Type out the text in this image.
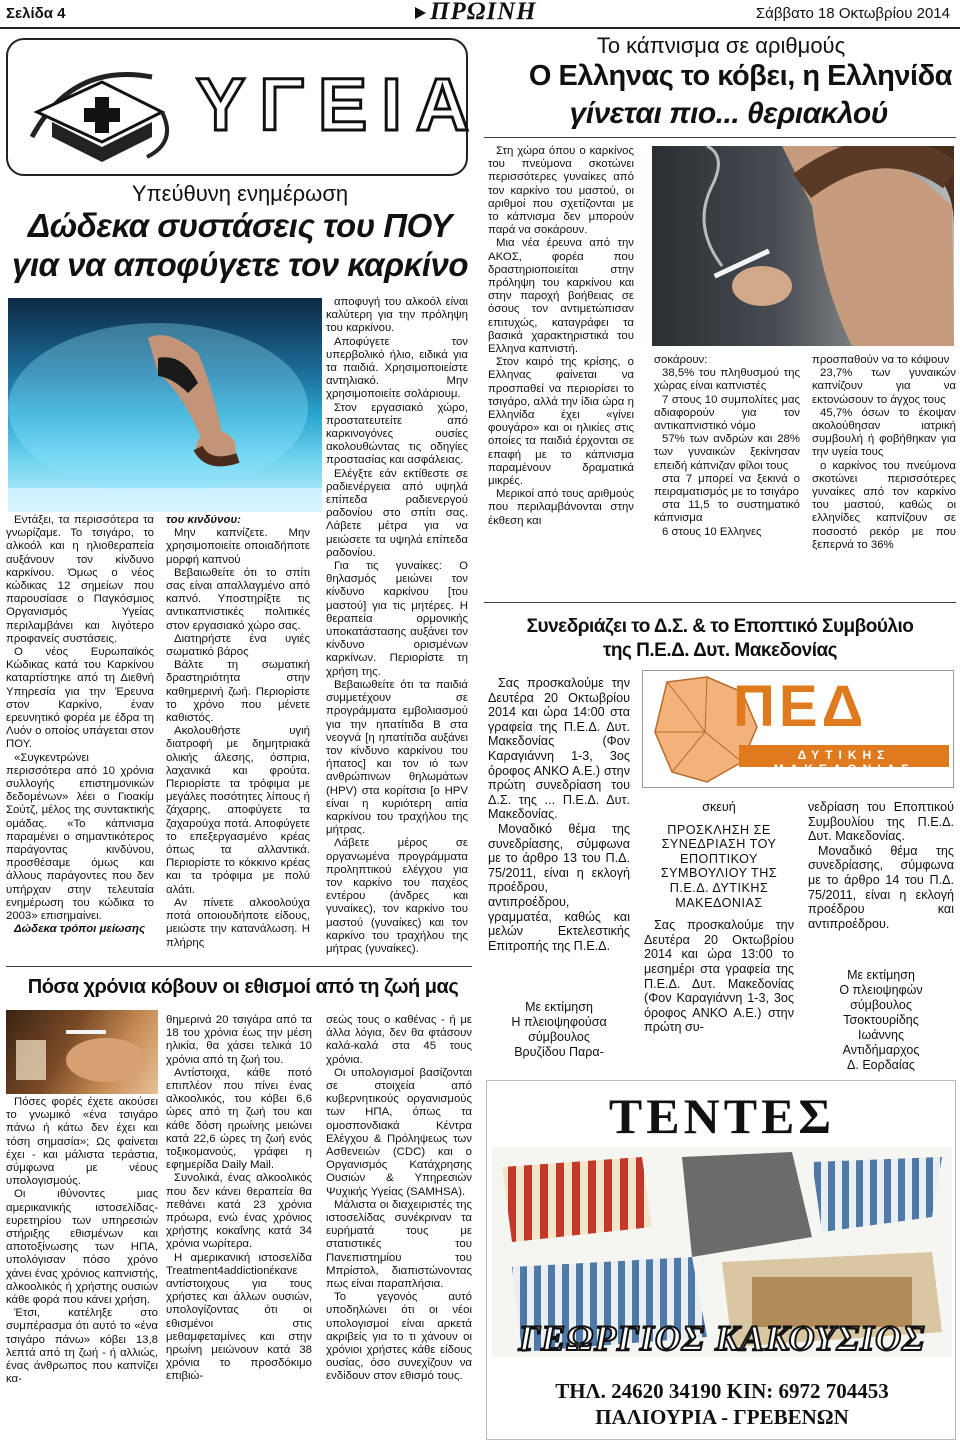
Σελίδα 4	ΠΡΩΙΝΗ	Σάββατο 18 Οκτωβρίου 2014
ΥΓΕΙΑ
Υπεύθυνη ενημέρωση
Δώδεκα συστάσεις του ΠΟΥ
για να αποφύγετε τον καρκίνο

Εντάξει, τα περισσότερα τα γνωρίζαμε. Το τσιγάρο, το αλκοόλ και η ηλιοθεραπεία αυξάνουν τον κίνδυνο καρκίνου. Όμως ο νέος κώδικας 12 σημείων που παρουσίασε ο Παγκόσμιος Οργανισμός Υγείας περιλαμβάνει και λιγότερο προφανείς συστάσεις.

Ο νέος Ευρωπαϊκός Κώδικας κατά του Καρκίνου καταρτίστηκε από τη Διεθνή Υπηρεσία για την Έρευνα στον Καρκίνο, έναν ερευνητικό φορέα με έδρα τη Λυόν ο οποίος υπάγεται στον ΠΟΥ.

«Συγκεντρώνει περισσότερα από 10 χρόνια συλλογής επιστημονικών δεδομένων» λέει ο Γιοακίμ Σούτζ, μέλος της συντακτικής ομάδας. «Το κάπνισμα παραμένει ο σημαντικότερος παράγοντας κινδύνου, προσθέσαμε όμως και άλλους παράγοντες που δεν υπήρχαν στην τελευταία ενημέρωση του κώδικα το 2003» επισημαίνει.

Δώδεκα τρόποι μείωσης

του κινδύνου:

Μην καπνίζετε. Μην χρησιμοποιείτε οποιαδήποτε μορφή καπνού

Βεβαιωθείτε ότι το σπίτι σας είναι απαλλαγμένο από καπνό. Υποστηρίξτε τις αντικαπνιστικές πολιτικές στον εργασιακό χώρο σας.

Διατηρήστε ένα υγιές σωματικό βάρος

Βάλτε τη σωματική δραστηριότητα στην καθημερινή ζωή. Περιορίστε το χρόνο που μένετε καθιστός.

Ακολουθήστε υγιή διατροφή με δημητριακά ολικής άλεσης, όσπρια, λαχανικά και φρούτα. Περιορίστε τα τρόφιμα με μεγάλες ποσότητες λίπους ή ζάχαρης, αποφύγετε τα ζαχαρούχα ποτά. Αποφύγετε το επεξεργασμένο κρέας όπως τα αλλαντικά. Περιορίστε το κόκκινο κρέας και τα τρόφιμα με πολύ αλάτι.

Αν πίνετε αλκοολούχα ποτά οποιουδήποτε είδους, μειώστε την κατανάλωση. Η πλήρης

αποφυγή του αλκοόλ είναι καλύτερη για την πρόληψη του καρκίνου.

Αποφύγετε τον υπερβολικό ήλιο, ειδικά για τα παιδιά. Χρησιμοποιείστε αντηλιακό. Μην χρησιμοποιείτε σολάριουμ.

Στον εργασιακό χώρο, προστατευτείτε από καρκινογόνες ουσίες ακολουθώντας τις οδηγίες προστασίας και ασφάλειας.

Ελέγξτε εάν εκτίθεστε σε ραδιενέργεια από υψηλά επίπεδα ραδιενεργού ραδονίου στο σπίτι σας. Λάβετε μέτρα για να μειώσετε τα υψηλά επίπεδα ραδονίου.

Για τις γυναίκες: Ο θηλασμός μειώνει τον κίνδυνο καρκίνου [του μαστού] για τις μητέρες. Η θεραπεία ορμονικής υποκατάστασης αυξάνει τον κίνδυνο ορισμένων καρκίνων. Περιορίστε τη χρήση της.

Βεβαιωθείτε ότι τα παιδιά συμμετέχουν σε προγράμματα εμβολιασμού για την ηπατίτιδα Β στα νεογνά [η ηπατίτιδα αυξάνει τον κίνδυνο καρκίνου του ήπατος] και τον ιό των ανθρώπινων θηλωμάτων (HPV) στα κορίτσια [ο HPV είναι η κυριότερη αιτία καρκίνου του τραχήλου της μήτρας.

Λάβετε μέρος σε οργανωμένα προγράμματα προληπτικού ελέγχου για τον καρκίνο του παχέος εντέρου (άνδρες και γυναίκες), τον καρκίνο του μαστού (γυναίκες) και τον καρκίνο του τραχήλου της μήτρας (γυναίκες).

Το κάπνισμα σε αριθμούς
Ο Ελληνας το κόβει, η Ελληνίδα
γίνεται πιο... θεριακλού

Στη χώρα όπου ο καρκίνος του πνεύμονα σκοτώνει περισσότερες γυναίκες από τον καρκίνο του μαστού, οι αριθμοί που σχετίζονται με το κάπνισμα δεν μπορούν παρά να σοκάρουν.

Μια νέα έρευνα από την ΑΚΟΣ, φορέα που δραστηριοποιείται στην πρόληψη του καρκίνου και στην παροχή βοήθειας σε όσους τον αντιμετώπισαν επιτυχώς, καταγράφει τα βασικά χαρακτηριστικά του Ελληνα καπνιστή.

Στον καιρό της κρίσης, ο Ελληνας φαίνεται να προσπαθεί να περιορίσει το τσιγάρο, αλλά την ίδια ώρα η Ελληνίδα έχει «γίνει φουγάρο» και οι ηλικίες στις οποίες τα παιδιά έρχονται σε επαφή με το κάπνισμα παραμένουν δραματικά μικρές.

Μερικοί από τους αριθμούς που περιλαμβάνονται στην έκθεση και

σοκάρουν:

38,5% του πληθυσμού της χώρας είναι καπνιστές

7 στους 10 συμπολίτες μας αδιαφορούν για τον αντικαπνιστικό νόμο

57% των ανδρών και 28% των γυναικών ξεκίνησαν επειδή κάπνιζαν φίλοι τους

στα 7 μπορεί να ξεκινά ο πειραματισμός με το τσιγάρο

στα 11,5 το συστηματικό κάπνισμα

6 στους 10 Ελληνες

προσπαθούν να το κόψουν

23,7% των γυναικών καπνίζουν για να εκτονώσουν το άγχος τους

45,7% όσων το έκοψαν ακολούθησαν ιατρική συμβουλή ή φοβήθηκαν για την υγεία τους

ο καρκίνος του πνεύμονα σκοτώνει περισσότερες γυναίκες από τον καρκίνο του μαστού, καθώς οι ελληνίδες καπνίζουν σε ποσοστό ρεκόρ με που ξεπερνά το 36%

Συνεδριάζει το Δ.Σ. & το Εποπτικό Συμβούλιο
της Π.Ε.Δ. Δυτ. Μακεδονίας

Σας προσκαλούμε την Δευτέρα 20 Οκτωβρίου 2014 και ώρα 14:00 στα γραφεία της Π.Ε.Δ. Δυτ. Μακεδονίας (Φον Καραγιάννη 1-3, 3ος όροφος ΑΝΚΟ Α.Ε.) στην πρώτη συνεδρίαση του Δ.Σ. της ... Π.Ε.Δ. Δυτ. Μακεδονίας.

Μοναδικό θέμα της συνεδρίασης, σύμφωνα με το άρθρο 13 του Π.Δ. 75/2011, είναι η εκλογή προέδρου, αντιπροέδρου, γραμματέα, καθώς και μελών Εκτελεστικής Επιτροπής της Π.Ε.Δ.

Με εκτίμηση
Η πλειοψηφούσα
σύμβουλος
Βρυζίδου Παρα-
ΠΕΔ
ΔΥΤΙΚΗΣ ΜΑΚΕΔΟΝΙΑΣ
σκευή
ΠΡΟΣΚΛΗΣΗ ΣΕ ΣΥΝΕΔΡΙΑΣΗ ΤΟΥ ΕΠΟΠΤΙΚΟΥ ΣΥΜΒΟΥΛΙΟΥ ΤΗΣ Π.Ε.Δ. ΔΥΤΙΚΗΣ ΜΑΚΕΔΟΝΙΑΣ

Σας προσκαλούμε την Δευτέρα 20 Οκτωβρίου 2014 και ώρα 13:00 το μεσημέρι στα γραφεία της Π.Ε.Δ. Δυτ. Μακεδονίας (Φον Καραγιάννη 1-3, 3ος όροφος ΑΝΚΟ Α.Ε.) στην πρώτη συ-

νεδρίαση του Εποπτικού Συμβουλίου της Π.Ε.Δ. Δυτ. Μακεδονίας.

Μοναδικό θέμα της συνεδρίασης, σύμφωνα με το άρθρο 14 του Π.Δ. 75/2011, είναι η εκλογή προέδρου και αντιπροέδρου.

Με εκτίμηση
Ο πλειοψηφών
σύμβουλος
Τσοκτουρίδης
Ιωάννης
Αντιδήμαρχος
Δ. Εορδαίας
Πόσα χρόνια κόβουν οι εθισμοί από τη ζωή μας

Πόσες φορές έχετε ακούσει το γνωμικό «ένα τσιγάρο πάνω ή κάτω δεν έχει και τόση σημασία»; Ως φαίνεται έχει - και μάλιστα τεράστια, σύμφωνα με νέους υπολογισμούς.

Οι ιθύνοντες μιας αμερικανικής ιστοσελίδας-ευρετηρίου των υπηρεσιών στήριξης εθισμένων και αποτοξίνωσης των ΗΠΑ, υπολόγισαν πόσο χρόνο χάνει ένας χρόνιος καπνιστής, αλκοολικός ή χρήστης ουσιών κάθε φορά που κάνει χρήση.

Έτσι, κατέληξε στο συμπέρασμα ότι αυτό το «ένα τσιγάρο πάνω» κόβει 13,8 λεπτά από τη ζωή - ή αλλιώς, ένας άνθρωπος που καπνίζει κα-

θημερινά 20 τσιγάρα από τα 18 του χρόνια έως την μέση ηλικία, θα χάσει τελικά 10 χρόνια από τη ζωή του.

Αντίστοιχα, κάθε ποτό επιπλέον που πίνει ένας αλκοολικός, του κόβει 6,6 ώρες από τη ζωή του και κάθε δόση ηρωίνης μειώνει κατά 22,6 ώρες τη ζωή ενός τοξικομανούς, γράφει η εφημερίδα Daily Mail.

Συνολικά, ένας αλκοολικός που δεν κάνει θεραπεία θα πεθάνει κατά 23 χρόνια πρόωρα, ενώ ένας χρόνιος χρήστης κοκαΐνης κατά 34 χρόνια νωρίτερα.

Η αμερικανική ιστοσελίδα Treatment4addictionέκανε αντίστοιχους για τους χρήστες και άλλων ουσιών, υπολογίζοντας ότι οι εθισμένοι στις μεθαμφεταμίνες και στην ηρωίνη μειώνουν κατά 38 χρόνια το προσδόκιμο επιβιώ-

σεώς τους ο καθένας - ή με άλλα λόγια, δεν θα φτάσουν καλά-καλά στα 45 τους χρόνια.

Οι υπολογισμοί βασίζονται σε στοιχεία από κυβερνητικούς οργανισμούς των ΗΠΑ, όπως τα ομοσπονδιακά Κέντρα Ελέγχου & Πρόληψεως των Ασθενειών (CDC) και ο Οργανισμός Κατάχρησης Ουσιών & Υπηρεσιών Ψυχικής Υγείας (SAMHSA).

Μάλιστα οι διαχειριστές της ιστοσελίδας συνέκριναν τα ευρήματά τους με στατιστικές του Πανεπιστημίου του Μπρίστολ, διαπιστώνοντας πως είναι παραπλήσια.

Το γεγονός αυτό υποδηλώνει ότι οι νέοι υπολογισμοί είναι αρκετά ακριβείς για το τι χάνουν οι χρόνιοι χρήστες κάθε είδους ουσίας, όσο συνεχίζουν να ενδίδουν στον εθισμό τους.

ΤΕΝΤΕΣ
ΓΕΩΡΓΙΟΣ ΚΑΚΟΥΣΙΟΣ
ΤΗΛ. 24620 34190 ΚΙΝ: 6972 704453
ΠΑΛΙΟΥΡΙΑ - ΓΡΕΒΕΝΩΝ
